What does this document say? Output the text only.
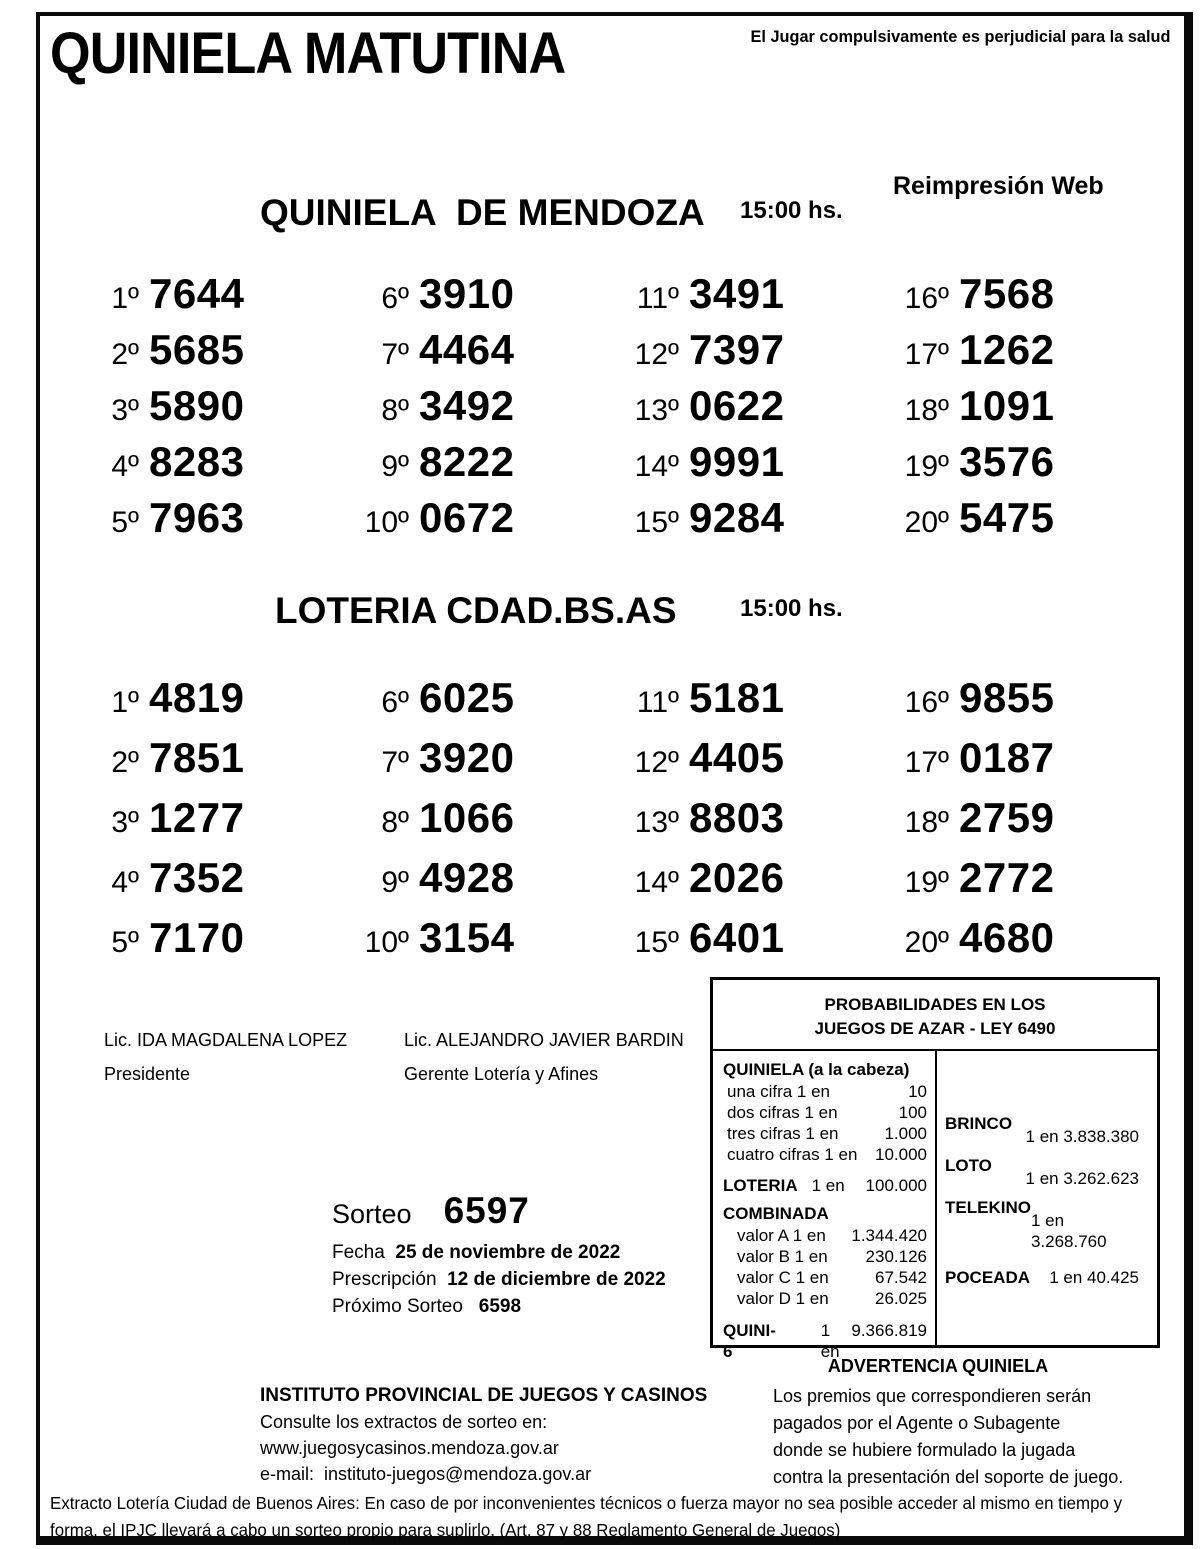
QUINIELA MATUTINA	El Jugar compulsivamente es perjudicial para la salud
Reimpresión Web
QUINIELA  DE MENDOZA 15:00 hs.
1º 7644
2º 5685
3º 5890
4º 8283
5º 7963
6º 3910
7º 4464
8º 3492
9º 8222
10º 0672
11º 3491
12º 7397
13º 0622
14º 9991
15º 9284
16º 7568
17º 1262
18º 1091
19º 3576
20º 5475
LOTERIA CDAD.BS.AS	15:00 hs.
1º 4819
2º 7851
3º 1277
4º 7352
5º 7170
6º 6025
7º 3920
8º 1066
9º 4928
10º 3154
11º 5181
12º 4405
13º 8803
14º 2026
15º 6401
16º 9855
17º 0187
18º 2759
19º 2772
20º 4680
Lic. IDA MAGDALENA LOPEZ
Presidente
Lic. ALEJANDRO JAVIER BARDIN
Gerente Lotería y Afines
Sorteo 6597
Fecha  25 de noviembre de 2022
Prescripción  12 de diciembre de 2022
Próximo Sorteo   6598
PROBABILIDADES EN LOS
JUEGOS DE AZAR - LEY 6490
QUINIELA (a la cabeza)
una cifra 1 en	10
dos cifras 1 en	100
tres cifras 1 en	1.000
cuatro cifras 1 en 10.000
LOTERIA 1 en 100.000
COMBINADA
valor A 1 en 1.344.420
valor B 1 en 230.126
valor C 1 en	67.542
valor D 1 en	26.025
QUINI-6
1 en
9.366.819
BRINCO
1 en 3.838.380
LOTO
1 en 3.262.623
TELEKINO
1 en 3.268.760
POCEADA 1 en 40.425
INSTITUTO PROVINCIAL DE JUEGOS Y CASINOS
Consulte los extractos de sorteo en:
www.juegosycasinos.mendoza.gov.ar
e-mail:  instituto-juegos@mendoza.gov.ar
ADVERTENCIA QUINIELA
Los premios que correspondieren serán
pagados por el Agente o Subagente
donde se hubiere formulado la jugada
contra la presentación del soporte de juego.
Extracto Lotería Ciudad de Buenos Aires: En caso de por inconvenientes técnicos o fuerza mayor no sea posible acceder al mismo en tiempo y
forma, el IPJC llevará a cabo un sorteo propio para suplirlo. (Art. 87 y 88 Reglamento General de Juegos)
